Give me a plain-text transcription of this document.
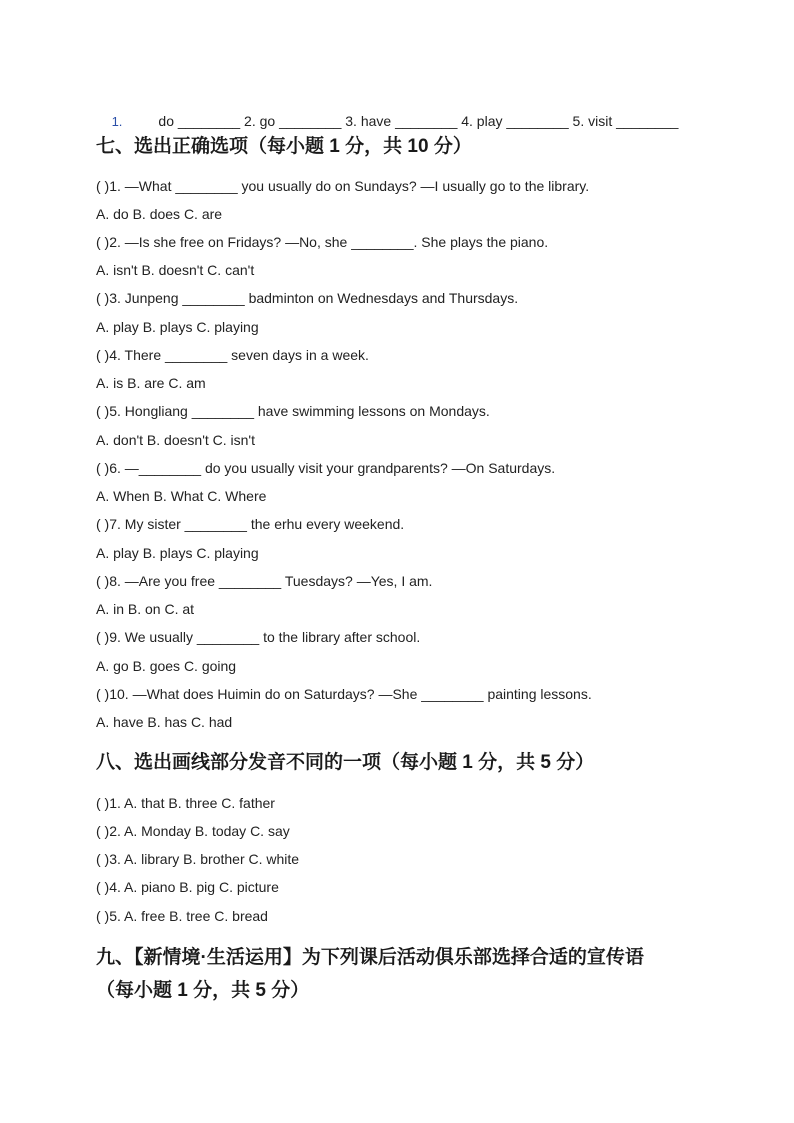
1.	do ________ 2. go ________ 3. have ________ 4. play ________ 5. visit ________

七、选出正确选项（每小题 1 分，共 10 分）
( )1. —What ________ you usually do on Sundays? —I usually go to the library.
A. do B. does C. are
( )2. —Is she free on Fridays? —No, she ________. She plays the piano.
A. isn't B. doesn't C. can't
( )3. Junpeng ________ badminton on Wednesdays and Thursdays.
A. play B. plays C. playing
( )4. There ________ seven days in a week.
A. is B. are C. am
( )5. Hongliang ________ have swimming lessons on Mondays.
A. don't B. doesn't C. isn't
( )6. —________ do you usually visit your grandparents? —On Saturdays.
A. When B. What C. Where
( )7. My sister ________ the erhu every weekend.
A. play B. plays C. playing
( )8. —Are you free ________ Tuesdays? —Yes, I am.
A. in B. on C. at
( )9. We usually ________ to the library after school.
A. go B. goes C. going
( )10. —What does Huimin do on Saturdays? —She ________ painting lessons.
A. have B. has C. had
八、选出画线部分发音不同的一项（每小题 1 分，共 5 分）
( )1. A. that B. three C. father
( )2. A. Monday B. today C. say
( )3. A. library B. brother C. white
( )4. A. piano B. pig C. picture
( )5. A. free B. tree C. bread
九、【新情境·生活运用】为下列课后活动俱乐部选择合适的宣传语
（每小题 1 分，共 5 分）
